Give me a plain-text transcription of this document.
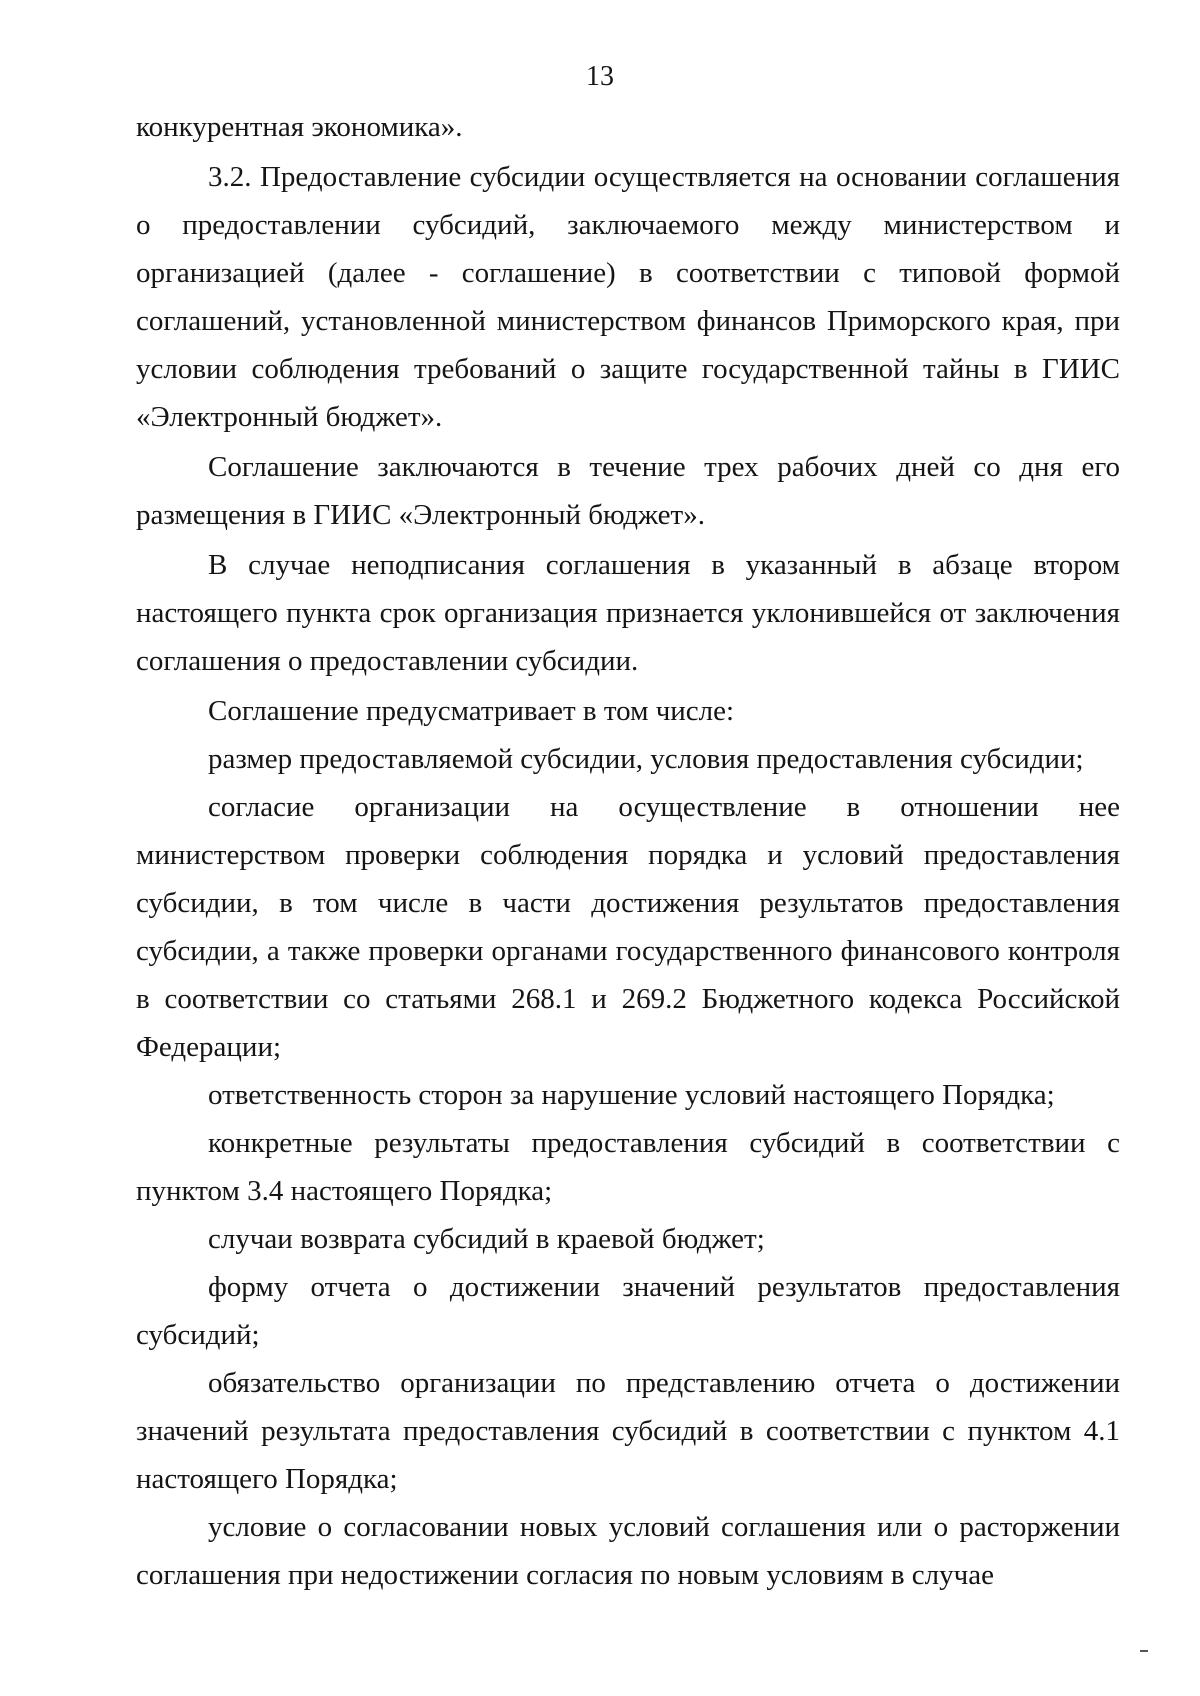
13

конкурентная экономика».

3.2. Предоставление субсидии осуществляется на основании соглашения о предоставлении субсидий, заключаемого между министерством и организацией (далее - соглашение) в соответствии с типовой формой соглашений, установленной министерством финансов Приморского края, при условии соблюдения требований о защите государственной тайны в ГИИС «Электронный бюджет».

Соглашение заключаются в течение трех рабочих дней со дня его размещения в ГИИС «Электронный бюджет».

В случае неподписания соглашения в указанный в абзаце втором настоящего пункта срок организация признается уклонившейся от заключения соглашения о предоставлении субсидии.

Соглашение предусматривает в том числе:

размер предоставляемой субсидии, условия предоставления субсидии;

согласие организации на осуществление в отношении нее министерством проверки соблюдения порядка и условий предоставления субсидии, в том числе в части достижения результатов предоставления субсидии, а также проверки органами государственного финансового контроля в соответствии со статьями 268.1 и 269.2 Бюджетного кодекса Российской Федерации;

ответственность сторон за нарушение условий настоящего Порядка;

конкретные результаты предоставления субсидий в соответствии с пунктом 3.4 настоящего Порядка;

случаи возврата субсидий в краевой бюджет;

форму отчета о достижении значений результатов предоставления субсидий;

обязательство организации по представлению отчета о достижении значений результата предоставления субсидий в соответствии с пунктом 4.1 настоящего Порядка;

условие о согласовании новых условий соглашения или о расторжении соглашения при недостижении согласия по новым условиям в случае
